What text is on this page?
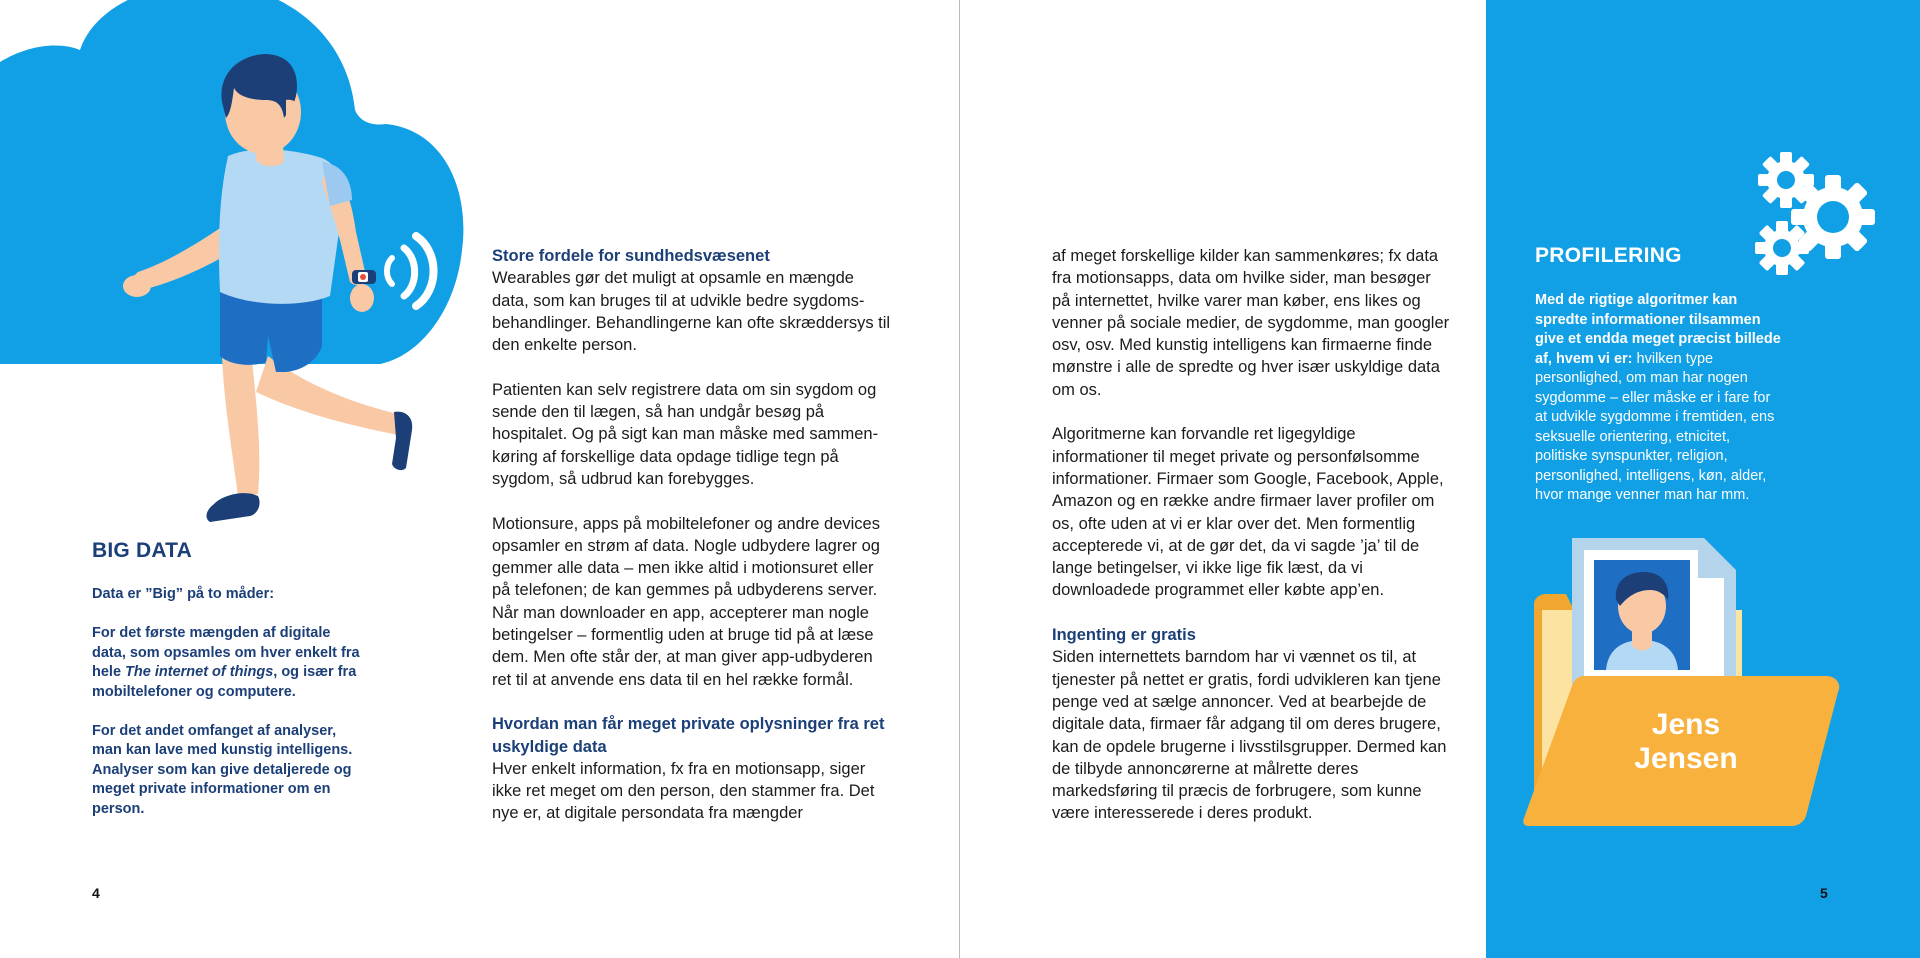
BIG DATA

Data er ”Big” på to måder:

For det første mængden af digitale data, som opsamles om hver enkelt fra hele The internet of things, og især fra mobiltelefoner og computere.

For det andet omfanget af analyser, man kan lave med kunstig intelligens. Analyser som kan give detaljerede og meget private informationer om en person.

Store fordele for sundhedsvæsenet

Wearables gør det muligt at opsamle en mængde data, som kan bruges til at udvikle bedre sygdoms-behandlinger. Behandlingerne kan ofte skræddersys til den enkelte person.

Patienten kan selv registrere data om sin sygdom og sende den til lægen, så han undgår besøg på hospitalet. Og på sigt kan man måske med sammen-køring af forskellige data opdage tidlige tegn på sygdom, så udbrud kan forebygges.

Motionsure, apps på mobiltelefoner og andre devices opsamler en strøm af data. Nogle udbydere lagrer og gemmer alle data – men ikke altid i motionsuret eller på telefonen; de kan gemmes på udbyderens server. Når man downloader en app, accepterer man nogle betingelser – formentlig uden at bruge tid på at læse dem. Men ofte står der, at man giver app-udbyderen ret til at anvende ens data til en hel række formål.

Hvordan man får meget private oplysninger fra ret uskyldige data

Hver enkelt information, fx fra en motionsapp, siger ikke ret meget om den person, den stammer fra. Det nye er, at digitale persondata fra mængder

4

af meget forskellige kilder kan sammenkøres; fx data fra motionsapps, data om hvilke sider, man besøger på internettet, hvilke varer man køber, ens likes og venner på sociale medier, de sygdomme, man googler osv, osv. Med kunstig intelligens kan firmaerne finde mønstre i alle de spredte og hver især uskyldige data om os.

Algoritmerne kan forvandle ret ligegyldige informationer til meget private og personfølsomme informationer. Firmaer som Google, Facebook, Apple, Amazon og en række andre firmaer laver profiler om os, ofte uden at vi er klar over det. Men formentlig accepterede vi, at de gør det, da vi sagde ’ja’ til de lange betingelser, vi ikke lige fik læst, da vi downloadede programmet eller købte app’en.

Ingenting er gratis

Siden internettets barndom har vi vænnet os til, at tjenester på nettet er gratis, fordi udvikleren kan tjene penge ved at sælge annoncer. Ved at bearbejde de digitale data, firmaer får adgang til om deres brugere, kan de opdele brugerne i livsstilsgrupper. Dermed kan de tilbyde annoncørerne at målrette deres markedsføring til præcis de forbrugere, som kunne være interesserede i deres produkt.

PROFILERING
Med de rigtige algoritmer kan spredte informationer tilsammen give et endda meget præcist billede af, hvem vi er: hvilken type personlighed, om man har nogen sygdomme – eller måske er i fare for at udvikle sygdomme i fremtiden, ens seksuelle orientering, etnicitet, politiske synspunkter, religion, personlighed, intelligens, køn, alder, hvor mange venner man har mm.
Jens
Jensen
5
